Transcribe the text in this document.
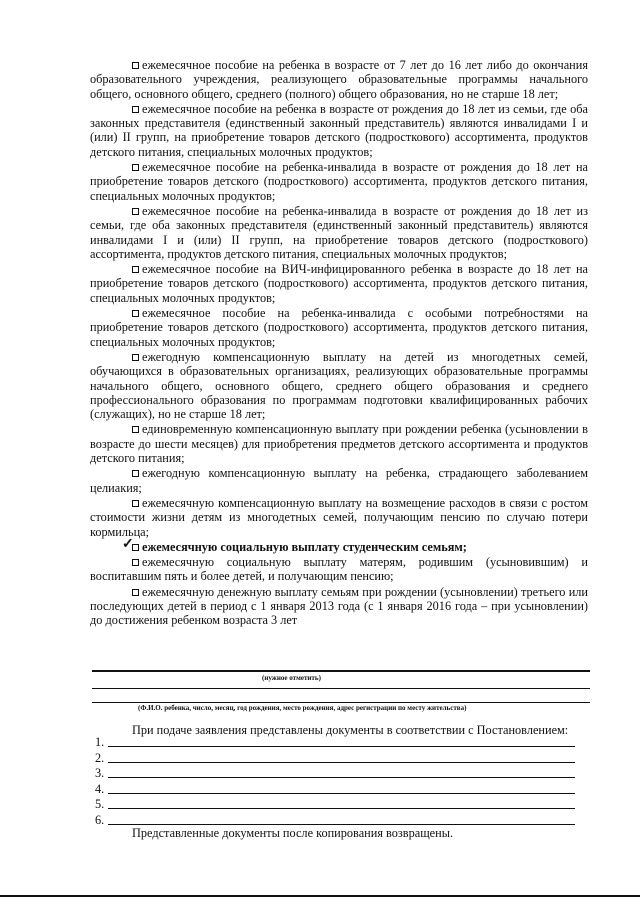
ежемесячное пособие на ребенка в возрасте от 7 лет до 16 лет либо до окончания образовательного учреждения, реализующего образовательные программы начального общего, основного общего, среднего (полного) общего образования, но не старше 18 лет;

ежемесячное пособие на ребенка в возрасте от рождения до 18 лет из семьи, где оба законных представителя (единственный законный представитель) являются инвалидами I и (или) II групп, на приобретение товаров детского (подросткового) ассортимента, продуктов детского питания, специальных молочных продуктов;

ежемесячное пособие на ребенка-инвалида в возрасте от рождения до 18 лет на приобретение товаров детского (подросткового) ассортимента, продуктов детского питания, специальных молочных продуктов;

ежемесячное пособие на ребенка-инвалида в возрасте от рождения до 18 лет из семьи, где оба законных представителя (единственный законный представитель) являются инвалидами I и (или) II групп, на приобретение товаров детского (подросткового) ассортимента, продуктов детского питания, специальных молочных продуктов;

ежемесячное пособие на ВИЧ-инфицированного ребенка в возрасте до 18 лет на приобретение товаров детского (подросткового) ассортимента, продуктов детского питания, специальных молочных продуктов;

ежемесячное пособие на ребенка-инвалида с особыми потребностями на приобретение товаров детского (подросткового) ассортимента, продуктов детского питания, специальных молочных продуктов;

ежегодную компенсационную выплату на детей из многодетных семей, обучающихся в образовательных организациях, реализующих образовательные программы начального общего, основного общего, среднего общего образования и среднего профессионального образования по программам подготовки квалифицированных рабочих (служащих), но не старше 18 лет;

единовременную компенсационную выплату при рождении ребенка (усыновлении в возрасте до шести месяцев) для приобретения предметов детского ассортимента и продуктов детского питания;

ежегодную компенсационную выплату на ребенка, страдающего заболеванием целиакия;

ежемесячную компенсационную выплату на возмещение расходов в связи с ростом стоимости жизни детям из многодетных семей, получающим пенсию по случаю потери кормильца;

✓ ежемесячную социальную выплату студенческим семьям;

ежемесячную социальную выплату матерям, родившим (усыновившим) и воспитавшим пять и более детей, и получающим пенсию;

ежемесячную денежную выплату семьям при рождении (усыновлении) третьего или последующих детей в период с 1 января 2013 года (с 1 января 2016 года – при усыновлении) до достижения ребенком возраста 3 лет

(нужное отметить)
(Ф.И.О. ребенка, число, месяц, год рождения, место рождения, адрес регистрации по месту жительства)
При подаче заявления представлены документы в соответствии с Постановлением:
1.
2.
3.
4.
5.
6.
Представленные документы после копирования возвращены.
